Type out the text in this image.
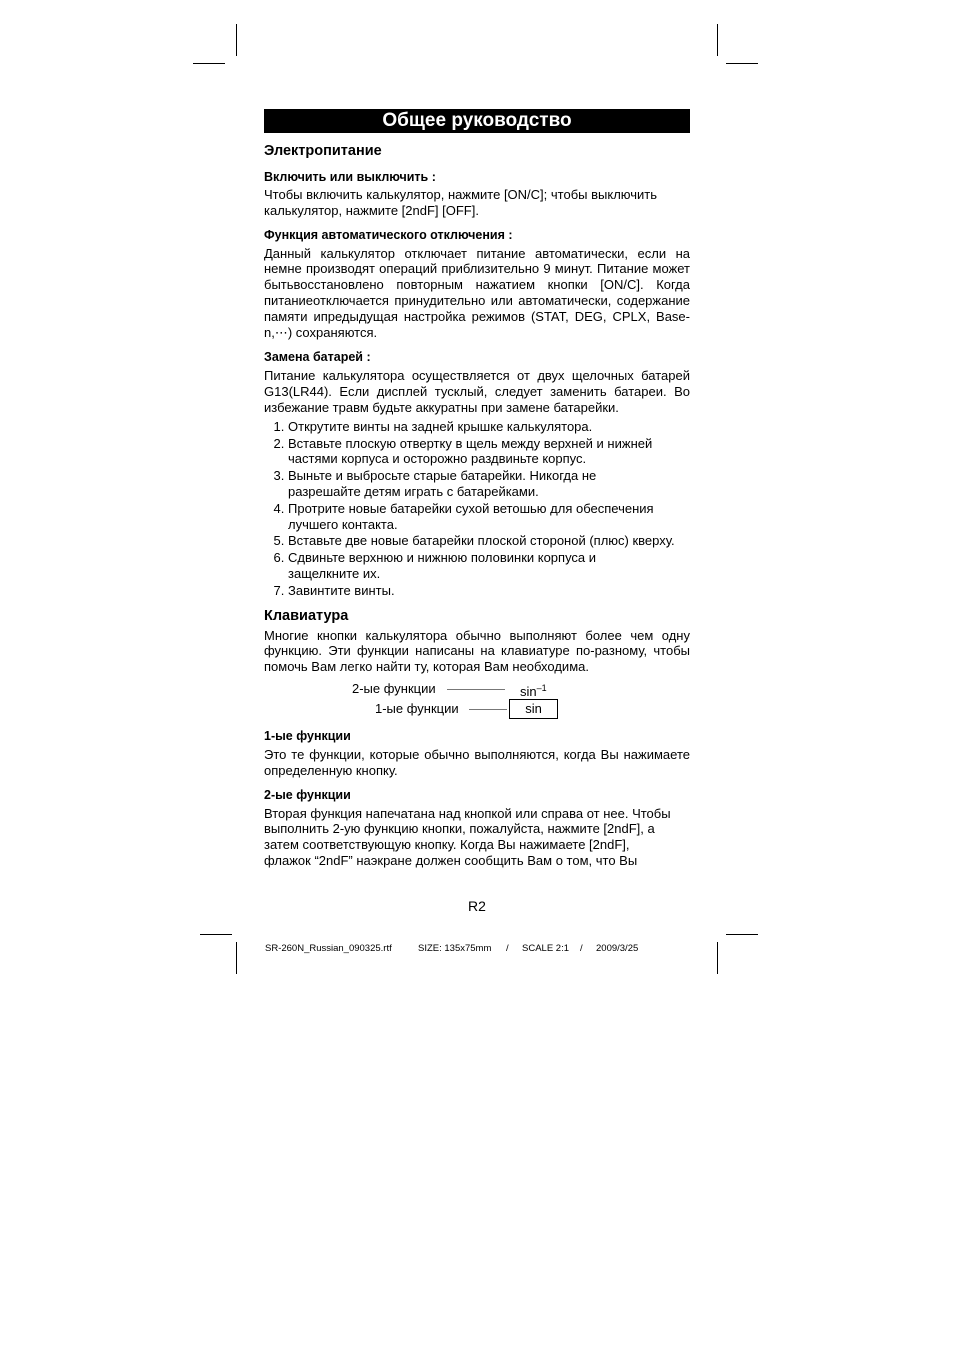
Общее руководство
Электропитание
Включить или выключить :

Чтобы включить калькулятор, нажмите [ON/C]; чтобы выключить калькулятор, нажмите [2ndF] [OFF].

Функция автоматического отключения :

Данный калькулятор отключает питание автоматически, если на немне производят операций приблизительно 9 минут. Питание может бытьвосстановлено повторным нажатием кнопки [ON/C]. Когда питаниеотключается принудительно или автоматически, содержание памяти ипредыдущая настройка режимов (STAT, DEG, CPLX, Base-n,⋯) сохраняются.

Замена батарей :

Питание калькулятора осуществляется от двух щелочных батарей G13(LR44). Если дисплей тусклый, следует заменить батареи. Во избежание травм будьте аккуратны при замене батарейки.

1. Открутите винты на задней крышке калькулятора.
2. Вставьте плоскую отвертку в щель между верхней и нижней
частями корпуса и осторожно раздвиньте корпус.
3. Выньте и выбросьте старые батарейки. Никогда не
разрешайте детям играть с батарейками.
4. Протрите новые батарейки сухой ветошью для обеспечения
лучшего контакта.
5. Вставьте две новые батарейки плоской стороной (плюс) кверху.
6. Сдвиньте верхнюю и нижнюю половинки корпуса и
защелкните их.
7. Завинтите винты.
Клавиатура

Многие кнопки калькулятора обычно выполняют более чем одну функцию. Эти функции написаны на клавиатуре по-разному, чтобы помочь Вам легко найти ту, которая Вам необходима.

2-ые функции	$\sin^{-1}$
1-ые функции	sin
1-ые функции

Это те функции, которые обычно выполняются, когда Вы нажимаете определенную кнопку.

2-ые функции

Вторая функция напечатана над кнопкой или справа от нее. Чтобы
выполнить 2-ую функцию кнопки, пожалуйста, нажмите [2ndF], а
затем соответствующую кнопку. Когда Вы нажимаете [2ndF],
флажок “2ndF” наэкране должен сообщить Вам о том, что Вы

R2
SR-260N_Russian_090325.rtf	SIZE: 135x75mm / SCALE 2:1 / 2009/3/25
